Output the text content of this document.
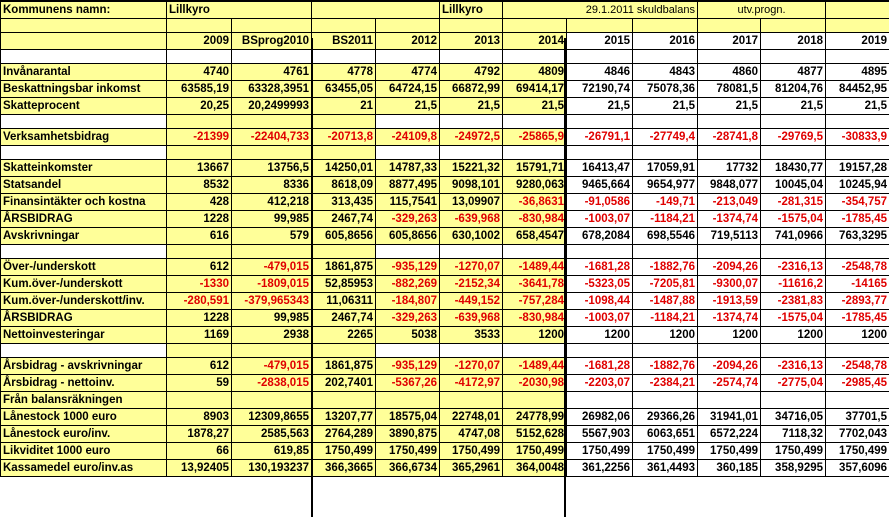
Kommunens namn:	Lillkyro				Lillkyro	29.1.2011 skuldbalans			utv.progn.		

	2009	BSprog2010	BS2011	2012	2013	2014	2015	2016	2017	2018	2019

Invånarantal	4740	4761	4778	4774	4792	4809	4846	4843	4860	4877	4895
Beskattningsbar inkomst	63585,19	63328,3951	63455,05	64724,15	66872,99	69414,17	72190,74	75078,36	78081,5	81204,76	84452,95
Skatteprocent	20,25	20,2499993	21	21,5	21,5	21,5	21,5	21,5	21,5	21,5	21,5

Verksamhetsbidrag	-21399	-22404,733	-20713,8	-24109,8	-24972,5	-25865,9	-26791,1	-27749,4	-28741,8	-29769,5	-30833,9

Skatteinkomster	13667	13756,5	14250,01	14787,33	15221,32	15791,71	16413,47	17059,91	17732	18430,77	19157,28
Statsandel	8532	8336	8618,09	8877,495	9098,101	9280,063	9465,664	9654,977	9848,077	10045,04	10245,94
Finansintäkter och kostna	428	412,218	313,435	115,7541	13,09907	-36,8631	-91,0586	-149,71	-213,049	-281,315	-354,757
ÅRSBIDRAG	1228	99,985	2467,74	-329,263	-639,968	-830,984	-1003,07	-1184,21	-1374,74	-1575,04	-1785,45
Avskrivningar	616	579	605,8656	605,8656	630,1002	658,4547	678,2084	698,5546	719,5113	741,0966	763,3295

Över-/underskott	612	-479,015	1861,875	-935,129	-1270,07	-1489,44	-1681,28	-1882,76	-2094,26	-2316,13	-2548,78
Kum.över-/underskott	-1330	-1809,015	52,85953	-882,269	-2152,34	-3641,78	-5323,05	-7205,81	-9300,07	-11616,2	-14165
Kum.över-/underskott/inv.	-280,591	-379,965343	11,06311	-184,807	-449,152	-757,284	-1098,44	-1487,88	-1913,59	-2381,83	-2893,77
ÅRSBIDRAG	1228	99,985	2467,74	-329,263	-639,968	-830,984	-1003,07	-1184,21	-1374,74	-1575,04	-1785,45
Nettoinvesteringar	1169	2938	2265	5038	3533	1200	1200	1200	1200	1200	1200

Årsbidrag - avskrivningar	612	-479,015	1861,875	-935,129	-1270,07	-1489,44	-1681,28	-1882,76	-2094,26	-2316,13	-2548,78
Årsbidrag - nettoinv.	59	-2838,015	202,7401	-5367,26	-4172,97	-2030,98	-2203,07	-2384,21	-2574,74	-2775,04	-2985,45
Från balansräkningen											
Lånestock 1000 euro	8903	12309,8655	13207,77	18575,04	22748,01	24778,99	26982,06	29366,26	31941,01	34716,05	37701,5
Lånestock euro/inv.	1878,27	2585,563	2764,289	3890,875	4747,08	5152,628	5567,903	6063,651	6572,224	7118,32	7702,043
Likviditet 1000 euro	66	619,85	1750,499	1750,499	1750,499	1750,499	1750,499	1750,499	1750,499	1750,499	1750,499
Kassamedel euro/inv.as	13,92405	130,193237	366,3665	366,6734	365,2961	364,0048	361,2256	361,4493	360,185	358,9295	357,6096
